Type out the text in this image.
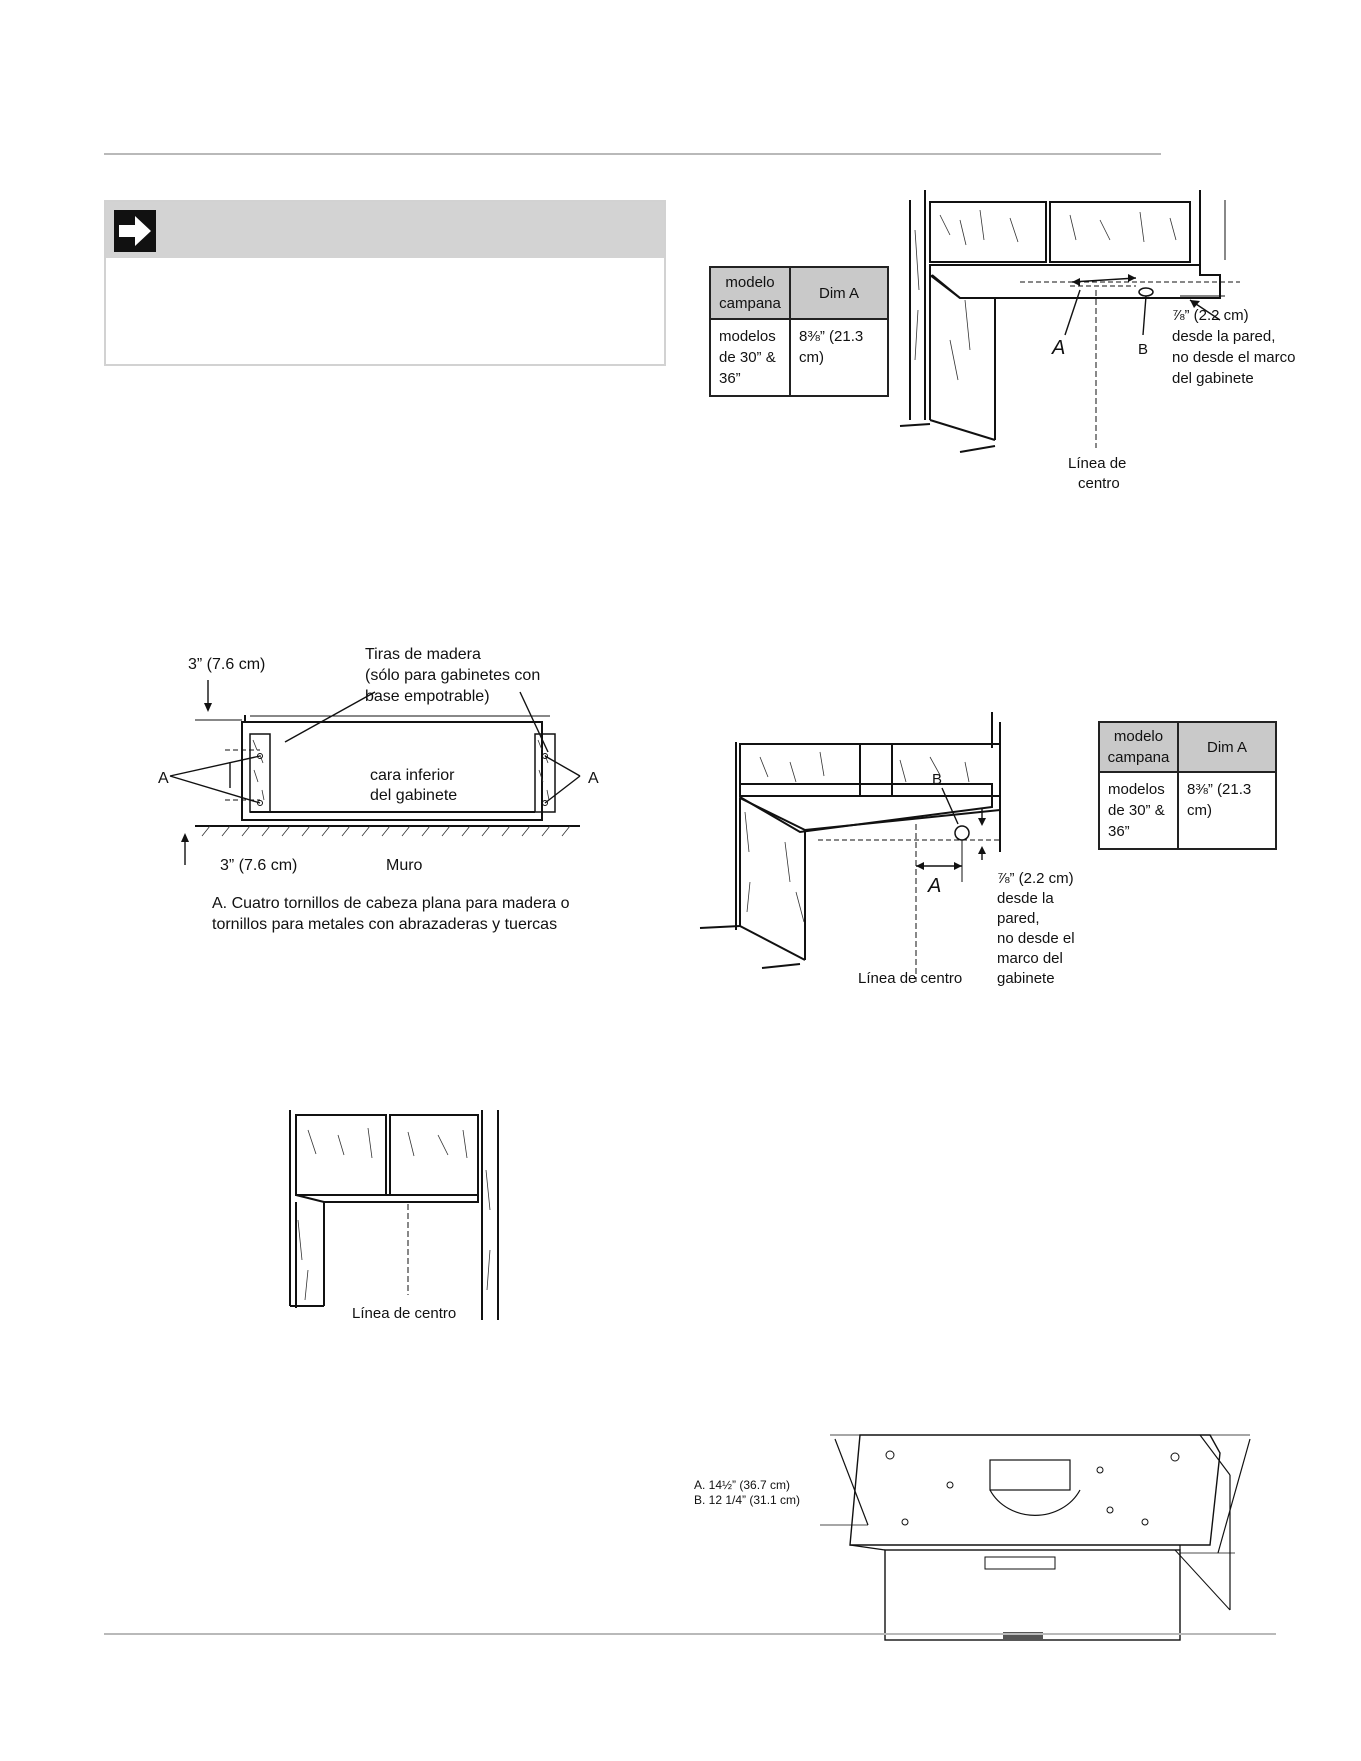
modelo campana	Dim A

modelos de 30” & 36”	8⅜” (21.3 cm)	A	B
⅞” (2.2 cm)
desde la pared,
no desde el marco
del gabinete
Línea de
centro
3” (7.6 cm)
Tiras de madera
(sólo para gabinetes con
base empotrable)
A	A
cara inferior
del gabinete
3” (7.6 cm)	Muro
A. Cuatro tornillos de cabeza plana para madera o
tornillos para metales con abrazaderas y tuercas
B
A	⅞” (2.2 cm)
desde la
pared,
no desde el
marco del
gabinete
Línea de centro
modelo campana	Dim A

modelos de 30” & 36”	8⅜” (21.3 cm)
Línea de centro
A. 14½” (36.7 cm)
B. 12 1/4” (31.1 cm)
